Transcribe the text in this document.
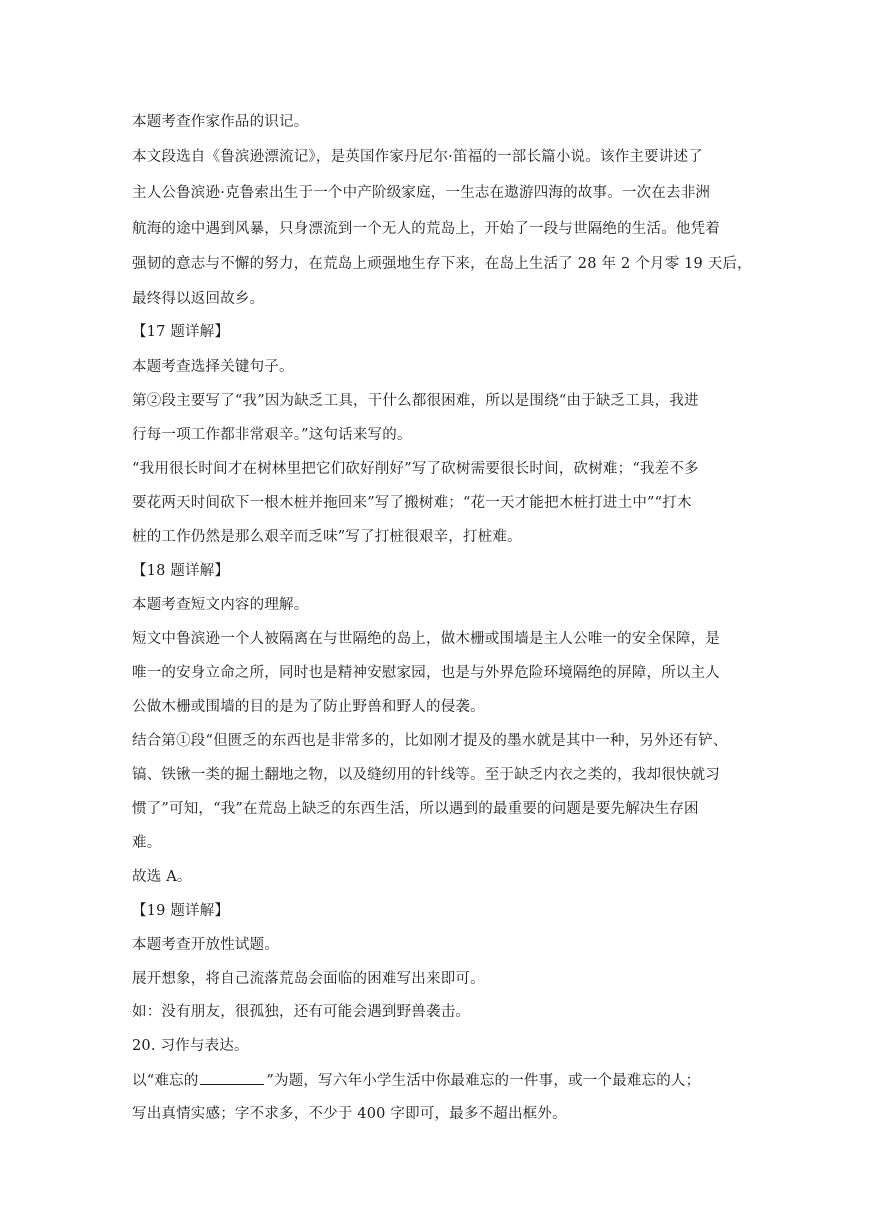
本题考查作家作品的识记。
本文段选自《鲁滨逊漂流记》，是英国作家丹尼尔·笛福的一部长篇小说。该作主要讲述了
主人公鲁滨逊·克鲁索出生于一个中产阶级家庭，一生志在遨游四海的故事。一次在去非洲
航海的途中遇到风暴，只身漂流到一个无人的荒岛上，开始了一段与世隔绝的生活。他凭着
强韧的意志与不懈的努力，在荒岛上顽强地生存下来，在岛上生活了 28 年 2 个月零 19 天后，
最终得以返回故乡。
【17 题详解】
本题考查选择关键句子。
第②段主要写了“我”因为缺乏工具，干什么都很困难，所以是围绕“由于缺乏工具，我进
行每一项工作都非常艰辛。”这句话来写的。
“我用很长时间才在树林里把它们砍好削好”写了砍树需要很长时间，砍树难；“我差不多
要花两天时间砍下一根木桩并拖回来”写了搬树难；“花一天才能把木桩打进土中”“打木
桩的工作仍然是那么艰辛而乏味”写了打桩很艰辛，打桩难。
【18 题详解】
本题考查短文内容的理解。
短文中鲁滨逊一个人被隔离在与世隔绝的岛上，做木栅或围墙是主人公唯一的安全保障，是
唯一的安身立命之所，同时也是精神安慰家园，也是与外界危险环境隔绝的屏障，所以主人
公做木栅或围墙的目的是为了防止野兽和野人的侵袭。
结合第①段“但匮乏的东西也是非常多的，比如刚才提及的墨水就是其中一种，另外还有铲、
镐、铁锹一类的掘土翻地之物，以及缝纫用的针线等。至于缺乏内衣之类的，我却很快就习
惯了”可知，“我”在荒岛上缺乏的东西生活，所以遇到的最重要的问题是要先解决生存困
难。
故选 A。
【19 题详解】
本题考查开放性试题。
展开想象，将自己流落荒岛会面临的困难写出来即可。
如：没有朋友，很孤独，还有可能会遇到野兽袭击。
20. 习作与表达。
以“难忘的	”为题，写六年小学生活中你最难忘的一件事，或一个最难忘的人；
写出真情实感；字不求多，不少于 400 字即可，最多不超出框外。
